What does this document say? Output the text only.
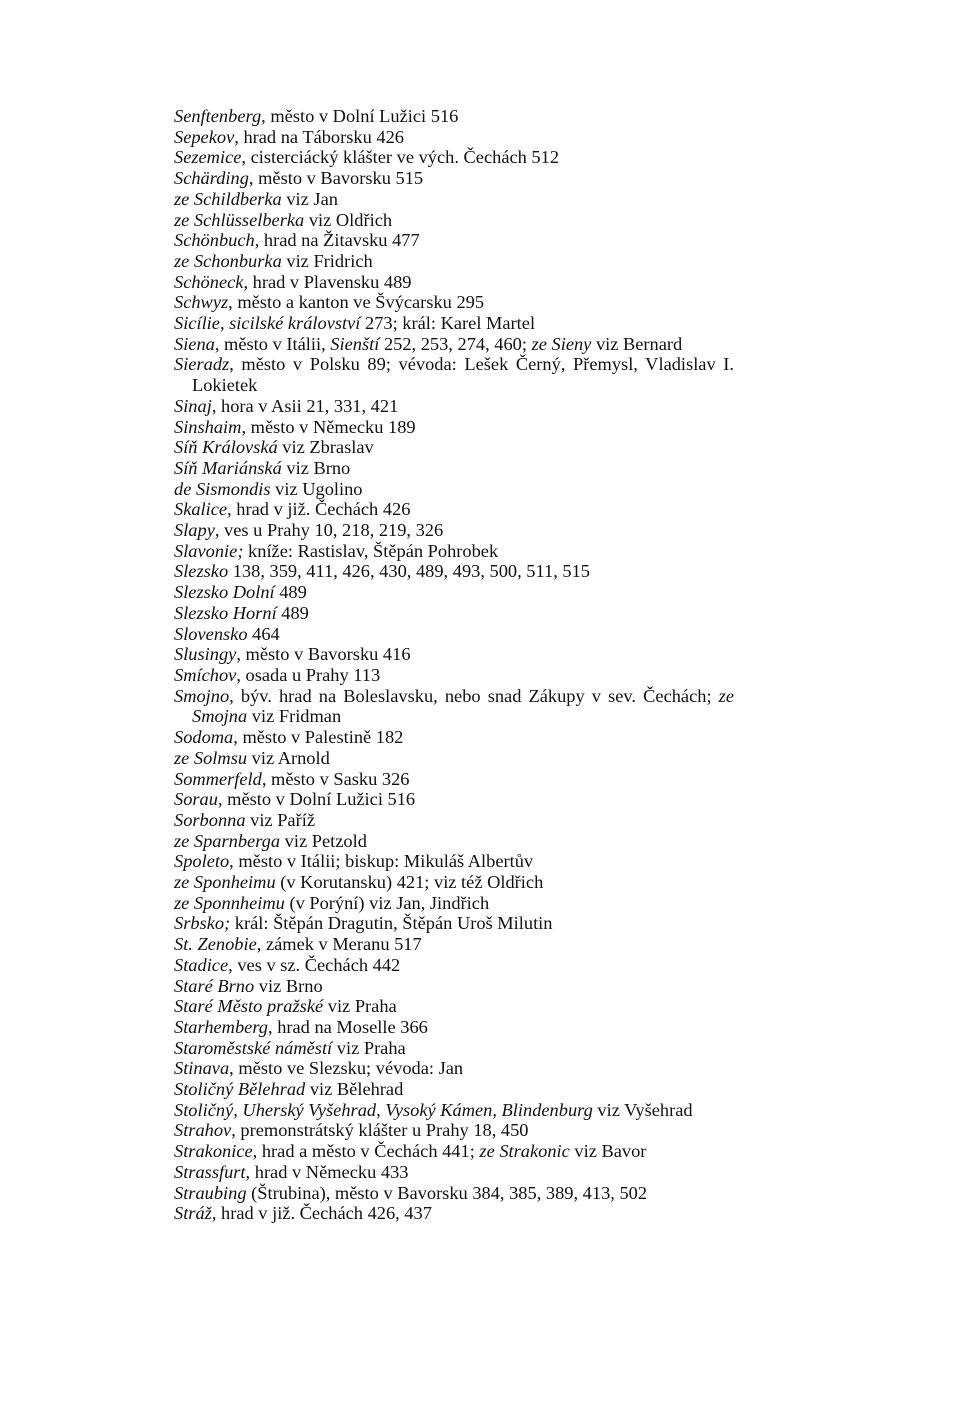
Senftenberg, město v Dolní Lužici 516
Sepekov, hrad na Táborsku 426
Sezemice, cisterciácký klášter ve vých. Čechách 512
Schärding, město v Bavorsku 515
ze Schildberka viz Jan
ze Schlüsselberka viz Oldřich
Schönbuch, hrad na Žitavsku 477
ze Schonburka viz Fridrich
Schöneck, hrad v Plavensku 489
Schwyz, město a kanton ve Švýcarsku 295
Sicílie, sicilské království 273; král: Karel Martel
Siena, město v Itálii, Sienští 252, 253, 274, 460; ze Sieny viz Bernard
Sieradz, město v Polsku 89; vévoda: Lešek Černý, Přemysl, Vladislav I. Lokietek
Sinaj, hora v Asii 21, 331, 421
Sinshaim, město v Německu 189
Síň Královská viz Zbraslav
Síň Mariánská viz Brno
de Sismondis viz Ugolino
Skalice, hrad v již. Čechách 426
Slapy, ves u Prahy 10, 218, 219, 326
Slavonie; kníže: Rastislav, Štěpán Pohrobek
Slezsko 138, 359, 411, 426, 430, 489, 493, 500, 511, 515
Slezsko Dolní 489
Slezsko Horní 489
Slovensko 464
Slusingy, město v Bavorsku 416
Smíchov, osada u Prahy 113
Smojno, býv. hrad na Boleslavsku, nebo snad Zákupy v sev. Čechách; ze Smojna viz Fridman
Sodoma, město v Palestině 182
ze Solmsu viz Arnold
Sommerfeld, město v Sasku 326
Sorau, město v Dolní Lužici 516
Sorbonna viz Paříž
ze Sparnberga viz Petzold
Spoleto, město v Itálii; biskup: Mikuláš Albertův
ze Sponheimu (v Korutansku) 421; viz též Oldřich
ze Sponnheimu (v Porýní) viz Jan, Jindřich
Srbsko; král: Štěpán Dragutin, Štěpán Uroš Milutin
St. Zenobie, zámek v Meranu 517
Stadice, ves v sz. Čechách 442
Staré Brno viz Brno
Staré Město pražské viz Praha
Starhemberg, hrad na Moselle 366
Staroměstské náměstí viz Praha
Stinava, město ve Slezsku; vévoda: Jan
Stoličný Bělehrad viz Bělehrad
Stoličný, Uherský Vyšehrad, Vysoký Kámen, Blindenburg viz Vyšehrad
Strahov, premonstrátský klášter u Prahy 18, 450
Strakonice, hrad a město v Čechách 441; ze Strakonic viz Bavor
Strassfurt, hrad v Německu 433
Straubing (Štrubina), město v Bavorsku 384, 385, 389, 413, 502
Stráž, hrad v již. Čechách 426, 437
